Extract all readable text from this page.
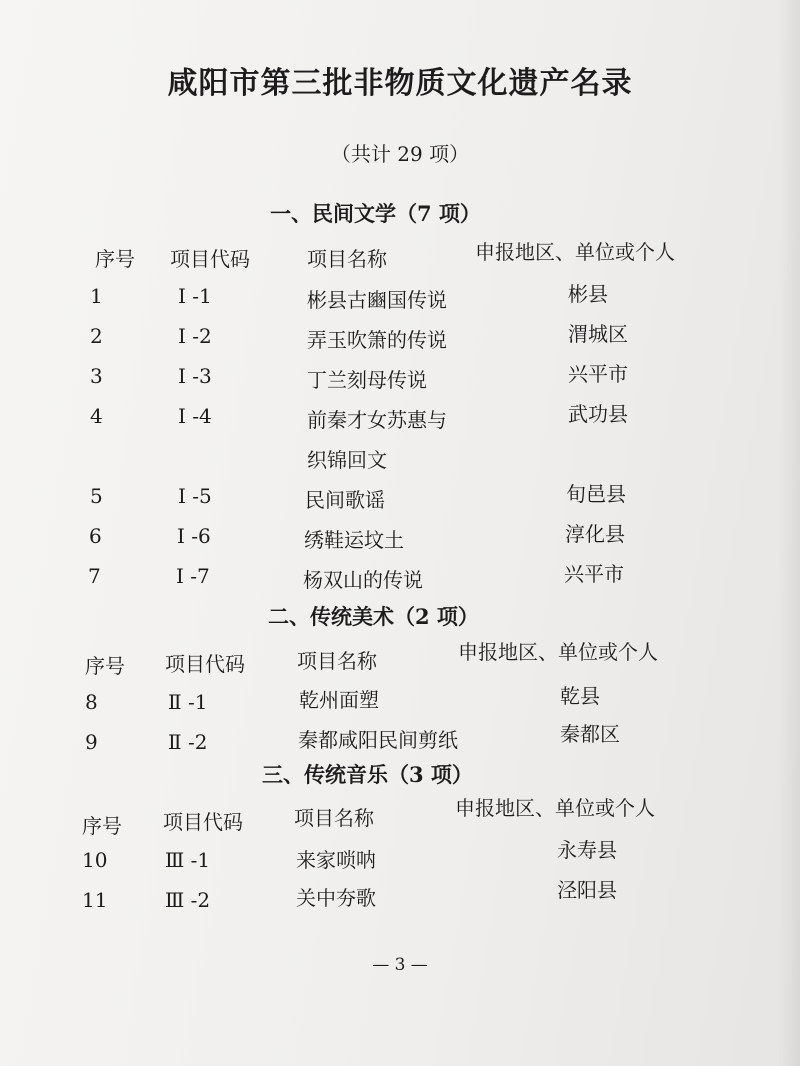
咸阳市第三批非物质文化遗产名录
（共计 29 项）
一、民间文学（7 项）
序号 项目代码	项目名称	申报地区、单位或个人
1	Ⅰ -1	彬县古豳国传说	彬县
2	Ⅰ -2	弄玉吹箫的传说	渭城区
3	Ⅰ -3	丁兰刻母传说	兴平市
4	Ⅰ -4	前秦才女苏惠与	武功县
织锦回文
5	Ⅰ -5	民间歌谣	旬邑县
6	Ⅰ -6	绣鞋运坟土	淳化县
7	Ⅰ -7	杨双山的传说	兴平市
二、传统美术（2 项）
序号 项目代码	项目名称	申报地区、单位或个人
8	Ⅱ -1	乾州面塑	乾县
9	Ⅱ -2	秦都咸阳民间剪纸	秦都区
三、传统音乐（3 项）
序号 项目代码	项目名称	申报地区、单位或个人
10	Ⅲ -1	来家唢呐	永寿县
11	Ⅲ -2	关中夯歌	泾阳县
— 3 —
